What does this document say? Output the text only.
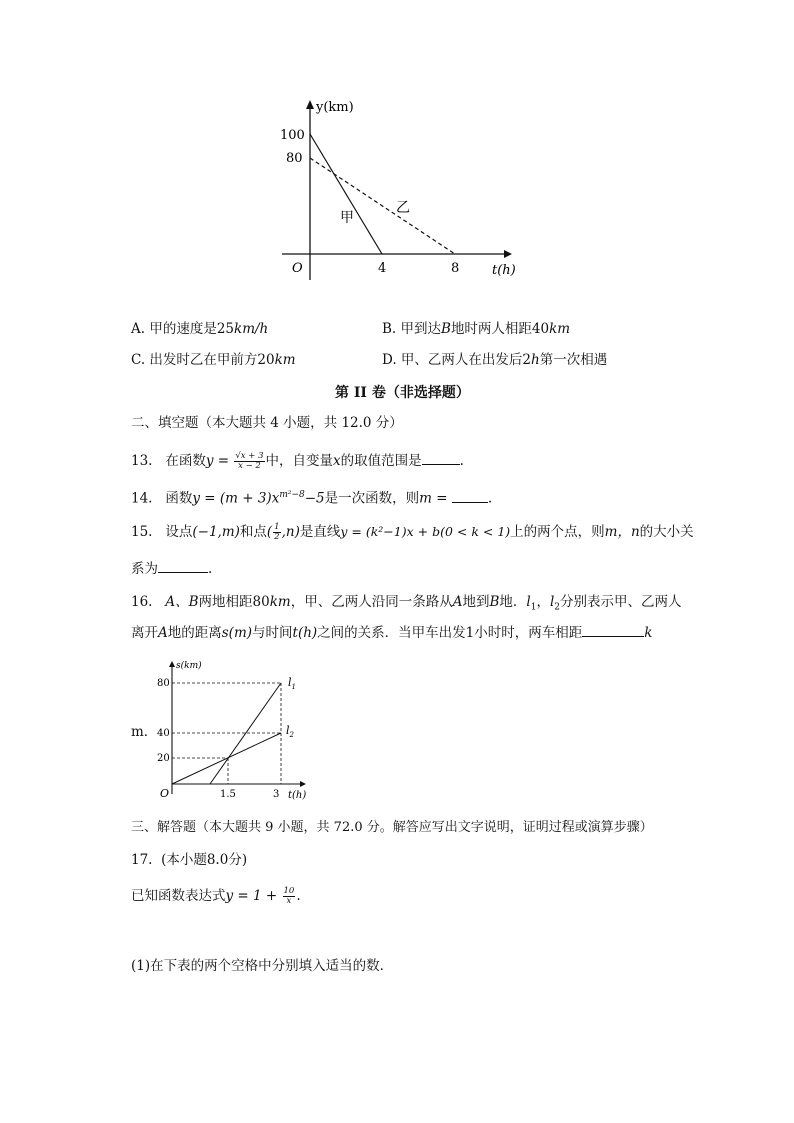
y(km)
100
80
甲
乙
O	4	8	t(h)
A. 甲的速度是25km/h	B. 甲到达B地时两人相距40km
C. 出发时乙在甲前方20km	D. 甲、乙两人在出发后2h第一次相遇
第 II 卷（非选择题）
二、填空题（本大题共 4 小题，共 12.0 分）
13. 在函数$y = \frac{√x + 3}{x - 2}$ 中，自变量x的取值范围是	.
14. 函数$y = (m + 3)x^{m^2-8}-5$是一次函数，则m =	.
15. 设点(−1,m)和点( $\frac{1}{2} ,n$)是直线y = (k²−1)x + b(0 < k < 1)上的两个点，则m，n的大小关
系为	.
16. A、B两地相距80km，甲、乙两人沿同一条路从A地到B地．$l_1$，$l_2$分别表示甲、乙两人
离开A地的距离s(m)与时间t(h)之间的关系．当甲车出发1小时时，两车相距	k
m．
s(km)
80
40
20
O	1.5	3 t(h)
$l_1$
$l_2$
三、解答题（本大题共 9 小题，共 72.0 分。解答应写出文字说明，证明过程或演算步骤）
17. (本小题8.0分)
已知函数表达式$y = 1 + \frac{10}{x}$ .
(1)在下表的两个空格中分别填入适当的数．
